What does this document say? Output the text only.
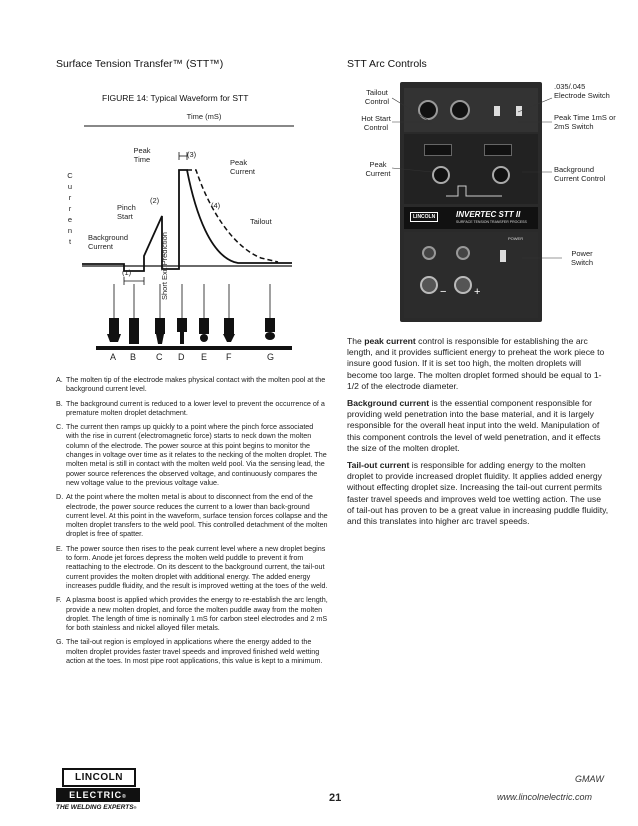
Surface Tension Transfer™ (STT™)
FIGURE 14: Typical Waveform for STT
Peak
Time	Peak
Current
Time (mS)
(3)
(2)
(4)
(1)
Pinch
Start
Background
Current
Tailout
Short Exit Prediction
C
u
r
r
e
n
t
A B C D E F	G
A. The molten tip of the electrode makes physical contact with the molten pool at the background current level.
B. The background current is reduced to a lower level to prevent the occurrence of a premature molten droplet detachment.
C. The current then ramps up quickly to a point where the pinch force associated with the rise in current (electromagnetic force) starts to neck down the molten column of the electrode. The power source at this point begins to monitor the changes in voltage over time as it relates to the necking of the molten droplet. The molten metal is still in contact with the molten weld pool. Via the sensing lead, the power source references the observed voltage, and continuously compares the new voltage value to the previous voltage value.
D. At the point where the molten metal is about to disconnect from the end of the electrode, the power source reduces the current to a lower than back-ground current level. At this point in the waveform, surface tension forces collapse and the molten droplet transfers to the weld pool. This controlled detachment of the molten droplet is free of spatter.
E. The power source then rises to the peak current level where a new droplet begins to form. Anode jet forces depress the molten weld puddle to prevent it from reattaching to the electrode. On its descent to the background current, the tail-out current provides the molten droplet with additional energy. The added energy increases puddle fluidity, and the result is improved wetting at the toes of the weld.
F. A plasma boost is applied which provides the energy to re-establish the arc length, provide a new molten droplet, and force the molten puddle away from the molten droplet. The length of time is nominally 1 mS for carbon steel electrodes and 2 mS for both stainless and nickel alloyed filler metals.
G. The tail-out region is employed in applications where the energy added to the molten droplet provides faster travel speeds and improved finished weld wetting action at the toes. In most pipe root applications, this value is kept to a minimum.
STT Arc Controls
LINCOLN	INVERTEC STT II
SURFACE TENSION TRANSFER PROCESS
POWER
−	+
Tailout
Control
Hot Start
Control
Peak
Current
.035/.045
Electrode Switch
Peak Time 1mS or
2mS Switch
Background
Current Control
Power
Switch

The peak current control is responsible for establishing the arc length, and it provides sufficient energy to preheat the work piece to insure good fusion. If it is set too high, the molten droplets will become too large. The molten droplet formed should be equal to 1-1/2 of the electrode diameter.

Background current is the essential component responsible for providing weld penetration into the base material, and it is largely responsible for the overall heat input into the weld. Manipulation of this component controls the level of weld penetration, and it effects the size of the molten droplet.

Tail-out current is responsible for adding energy to the molten droplet to provide increased droplet fluidity. It applies added energy without effecting droplet size. Increasing the tail-out current permits faster travel speeds and improves weld toe wetting action. The use of tail-out has proven to be a great value in increasing puddle fluidity, and this translates into higher arc travel speeds.

LINCOLN
ELECTRIC®
THE WELDING EXPERTS®
21
GMAW
www.lincolnelectric.com
